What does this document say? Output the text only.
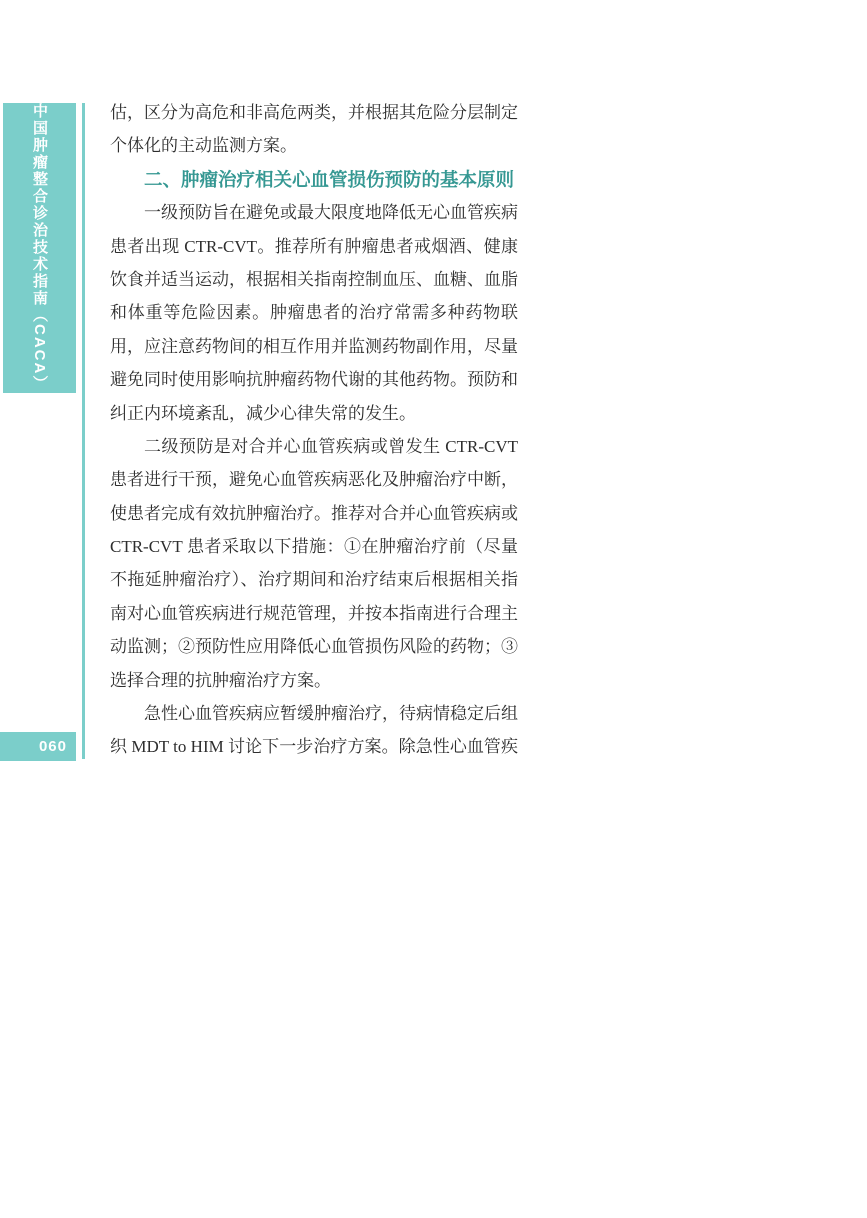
中国肿瘤整合诊治技术指南（CACA）
060
估，区分为高危和非高危两类，并根据其危险分层制定
个体化的主动监测方案。
二、肿瘤治疗相关心血管损伤预防的基本原则
一级预防旨在避免或最大限度地降低无心血管疾病
患者出现 CTR-CVT。推荐所有肿瘤患者戒烟酒、健康
饮食并适当运动，根据相关指南控制血压、血糖、血脂
和体重等危险因素。肿瘤患者的治疗常需多种药物联
用，应注意药物间的相互作用并监测药物副作用，尽量
避免同时使用影响抗肿瘤药物代谢的其他药物。预防和
纠正内环境紊乱，减少心律失常的发生。
二级预防是对合并心血管疾病或曾发生 CTR-CVT
患者进行干预，避免心血管疾病恶化及肿瘤治疗中断，
使患者完成有效抗肿瘤治疗。推荐对合并心血管疾病或
CTR-CVT 患者采取以下措施：①在肿瘤治疗前（尽量
不拖延肿瘤治疗）、治疗期间和治疗结束后根据相关指
南对心血管疾病进行规范管理，并按本指南进行合理主
动监测；②预防性应用降低心血管损伤风险的药物；③
选择合理的抗肿瘤治疗方案。
急性心血管疾病应暂缓肿瘤治疗，待病情稳定后组
织 MDT to HIM 讨论下一步治疗方案。除急性心血管疾
